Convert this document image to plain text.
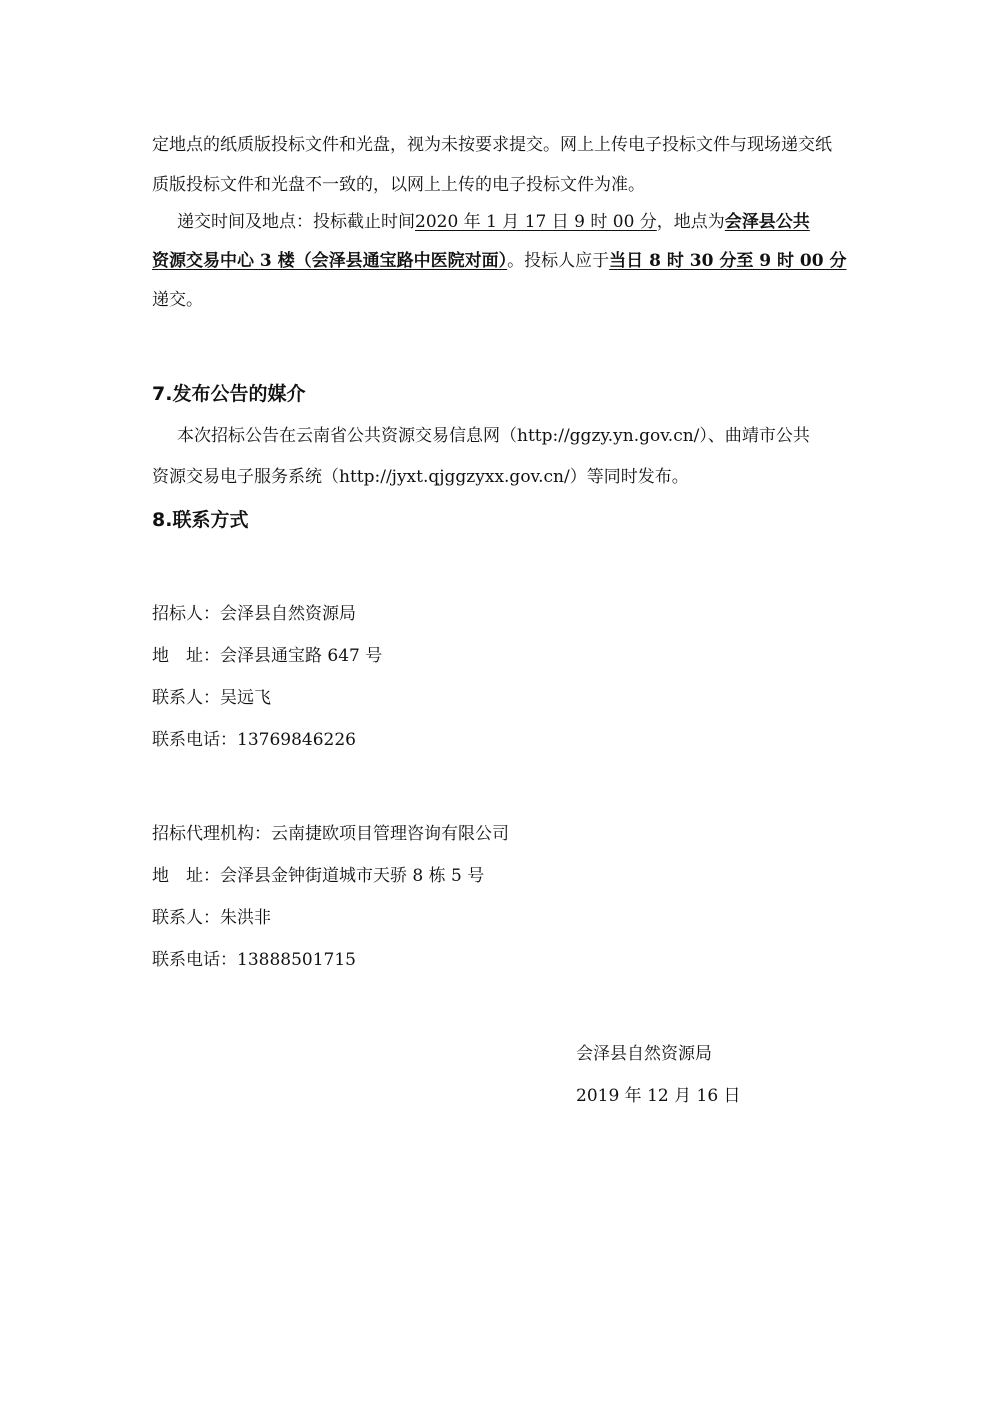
定地点的纸质版投标文件和光盘，视为未按要求提交。网上上传电子投标文件与现场递交纸
质版投标文件和光盘不一致的，以网上上传的电子投标文件为准。
递交时间及地点：投标截止时间2020 年 1 月 17 日 9 时 00 分，地点为会泽县公共
资源交易中心 3 楼（会泽县通宝路中医院对面）。投标人应于当日 8 时 30 分至 9 时 00 分
递交。
7.发布公告的媒介
本次招标公告在云南省公共资源交易信息网（http://ggzy.yn.gov.cn/）、曲靖市公共
资源交易电子服务系统（http://jyxt.qjggzyxx.gov.cn/）等同时发布。
8.联系方式
招标人：会泽县自然资源局
地　址：会泽县通宝路 647 号
联系人：吴远飞
联系电话：13769846226
招标代理机构：云南捷欧项目管理咨询有限公司
地　址：会泽县金钟街道城市天骄 8 栋 5 号
联系人：朱洪非
联系电话：13888501715
会泽县自然资源局
2019 年 12 月 16 日
